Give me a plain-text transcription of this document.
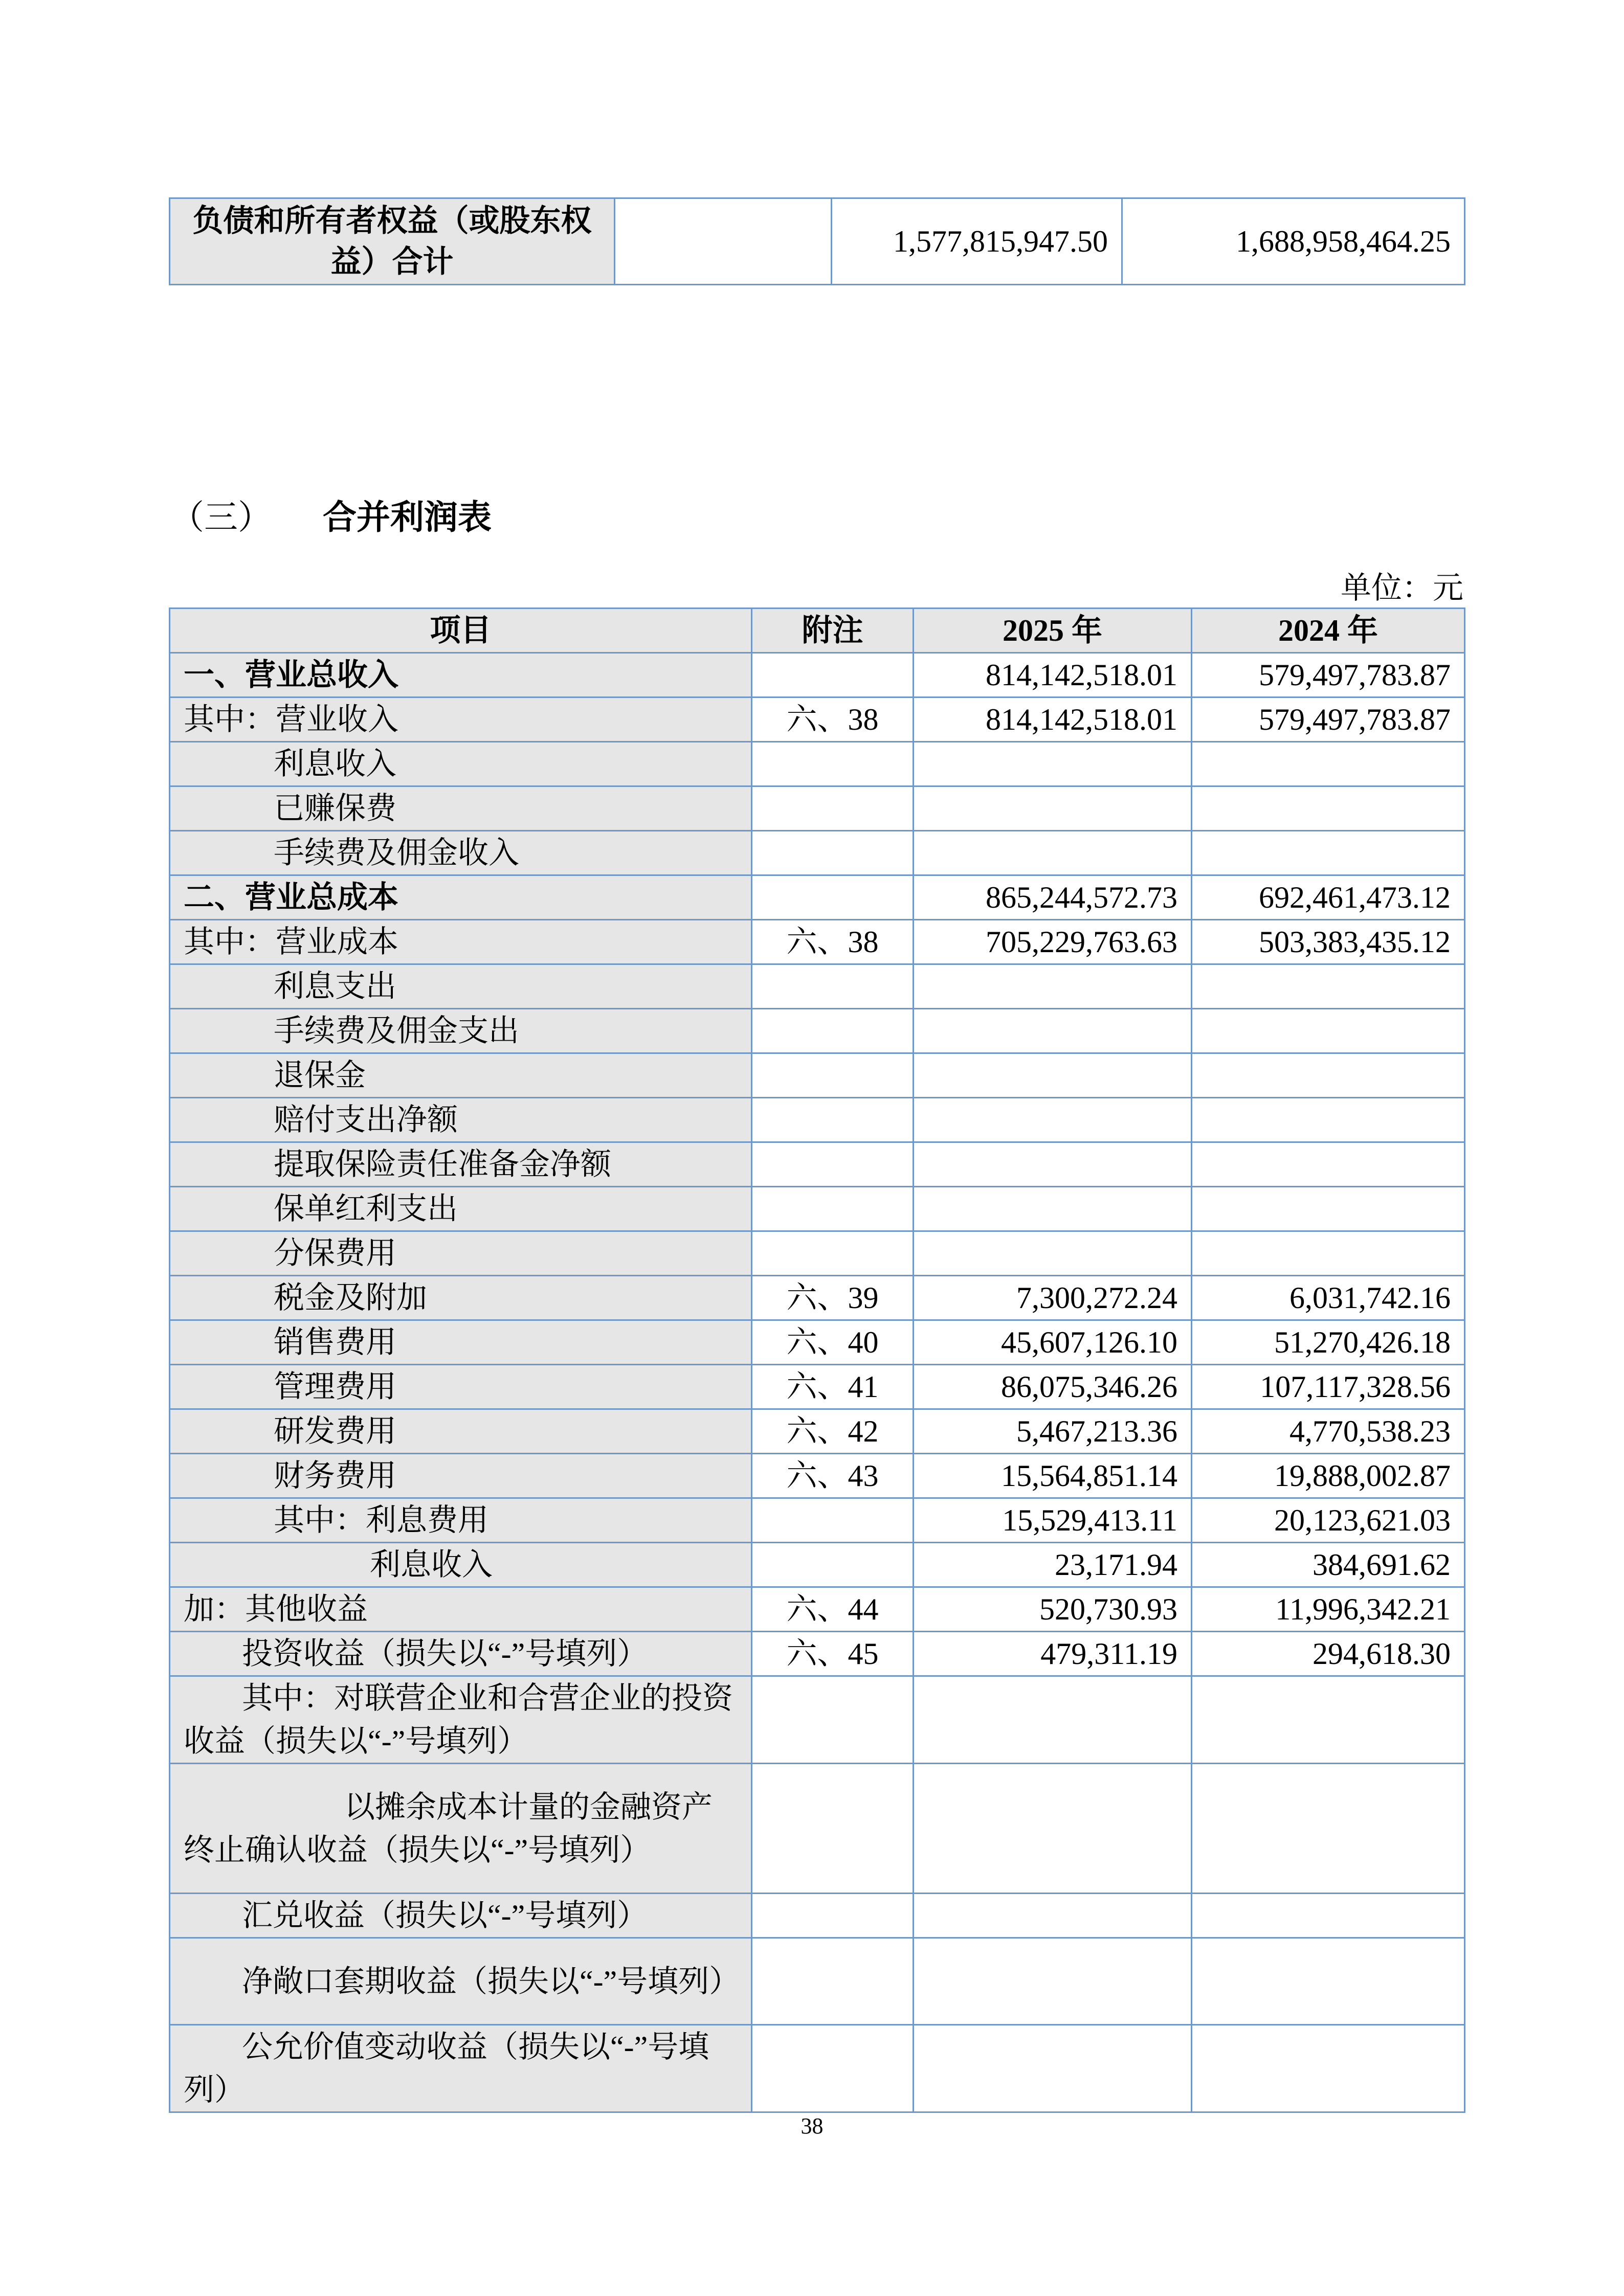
负债和所有者权益（或股东权益）合计		1,577,815,947.50	1,688,958,464.25
（三） 合并利润表
单位：元
项目	附注	2025 年	2024 年
一、营业总收入		814,142,518.01	579,497,783.87
其中：营业收入	六、38	814,142,518.01	579,497,783.87
利息收入			
已赚保费			
手续费及佣金收入			
二、营业总成本		865,244,572.73	692,461,473.12
其中：营业成本	六、38	705,229,763.63	503,383,435.12
利息支出			
手续费及佣金支出			
退保金			
赔付支出净额			
提取保险责任准备金净额			
保单红利支出			
分保费用			
税金及附加	六、39	7,300,272.24	6,031,742.16
销售费用	六、40	45,607,126.10	51,270,426.18
管理费用	六、41	86,075,346.26	107,117,328.56
研发费用	六、42	5,467,213.36	4,770,538.23
财务费用	六、43	15,564,851.14	19,888,002.87
其中：利息费用		15,529,413.11	20,123,621.03
利息收入		23,171.94	384,691.62
加：其他收益	六、44	520,730.93	11,996,342.21
投资收益（损失以“-”号填列）	六、45	479,311.19	294,618.30
其中：对联营企业和合营企业的投资收益（损失以“-”号填列）			
以摊余成本计量的金融资产终止确认收益（损失以“-”号填列）			
汇兑收益（损失以“-”号填列）			
净敞口套期收益（损失以“-”号填列）			
公允价值变动收益（损失以“-”号填列）			
38
